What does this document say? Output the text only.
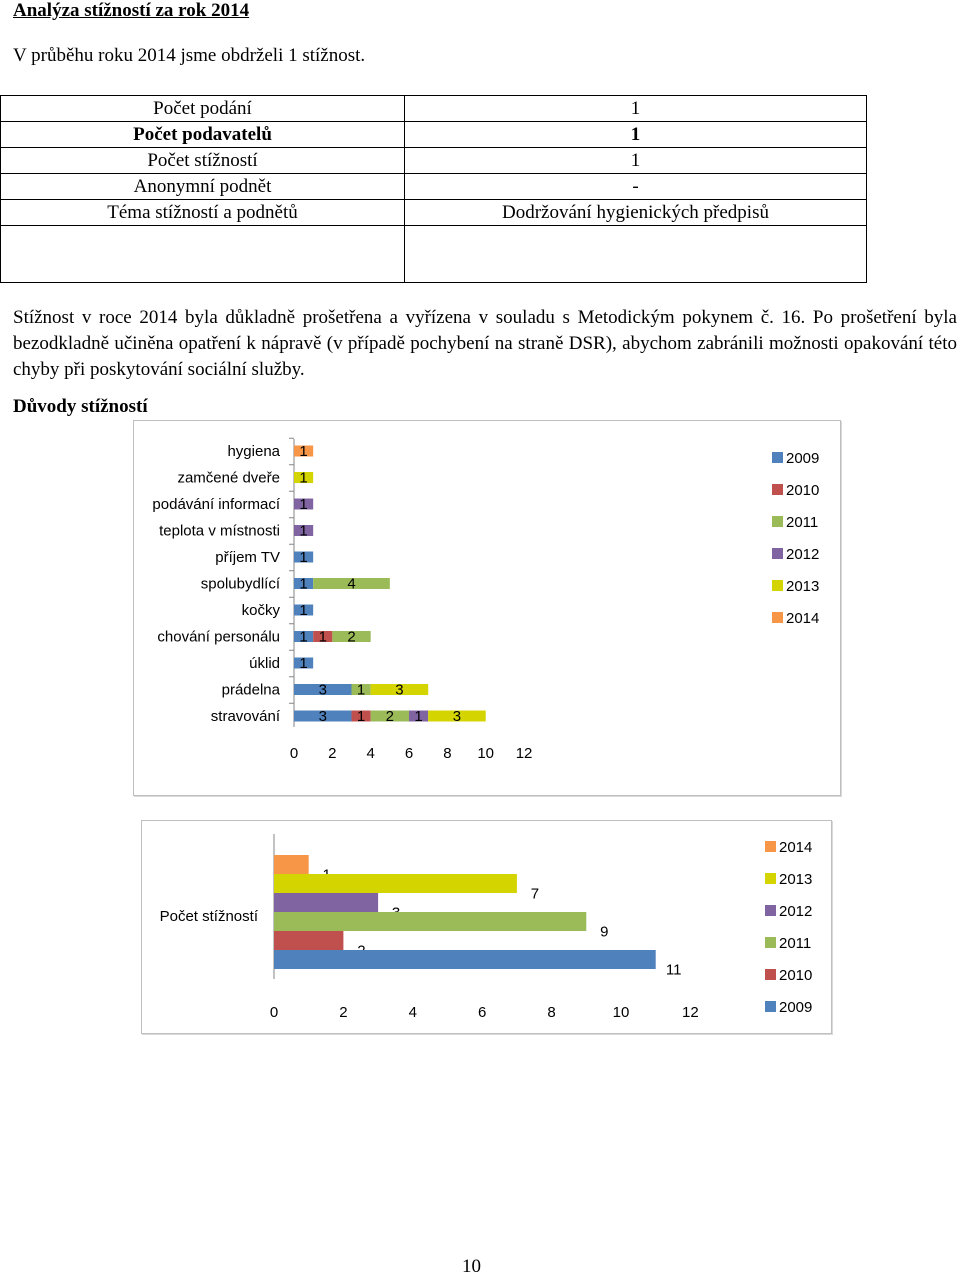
Analýza stížností za rok 2014
V průběhu roku 2014 jsme obdrželi 1 stížnost.
Počet podání	1
Počet podavatelů	1
Počet stížností	1
Anonymní podnět	-
Téma stížností a podnětů	Dodržování hygienických předpisů

Stížnost v roce 2014 byla důkladně prošetřena a vyřízena v souladu s Metodickým pokynem č. 16. Po prošetření byla bezodkladně učiněna opatření k nápravě (v případě pochybení na straně DSR), abychom zabránili možnosti opakování této chyby při poskytování sociální služby.
Důvody stížností
hygiena 1
zamčené dveře 1
podávání informací 1
teplota v místnosti 1
příjem TV 1
spolubydlící 1	4
kočky 1
chování personálu 1 1 2
úklid 1
prádelna	3 1 3
stravování	3 1 2 1 3
0 2 4 6 8 10 12
2009
2010
2011
2012
2013
2014
Počet stížností
7
9
11
0	2	4	6	8	10	12
2014
2013
2012
2011
2010
2009
10
